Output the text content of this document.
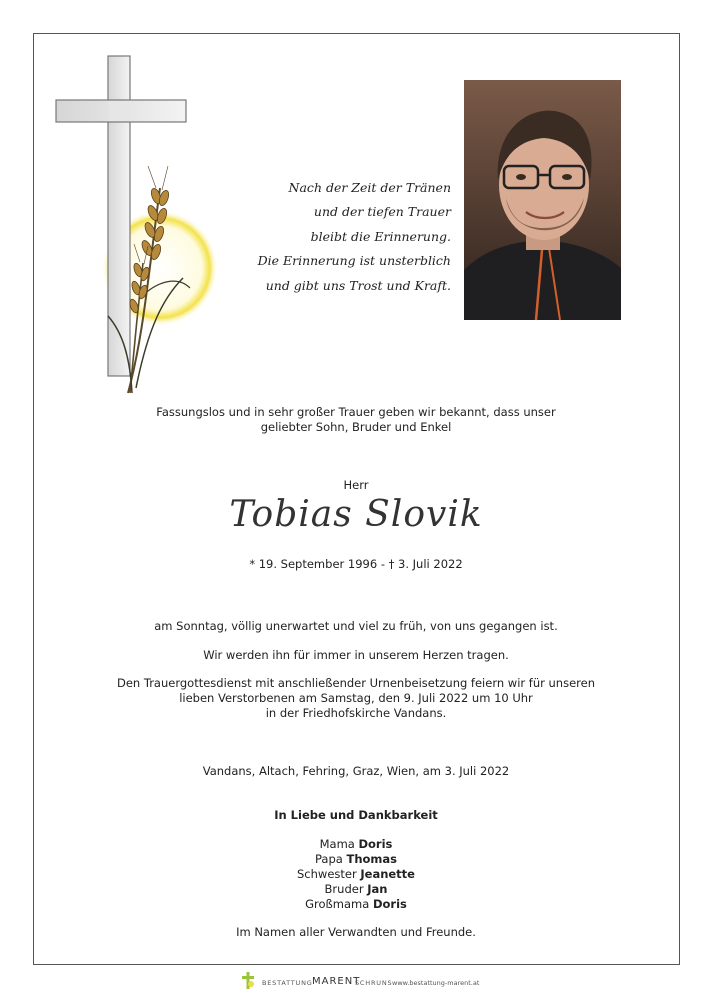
Nach der Zeit der Tränen
und der tiefen Trauer
bleibt die Erinnerung.
Die Erinnerung ist unsterblich
und gibt uns Trost und Kraft.
Fassungslos und in sehr großer Trauer geben wir bekannt, dass unser
geliebter Sohn, Bruder und Enkel
Herr
Tobias Slovik
* 19. September 1996 - † 3. Juli 2022
am Sonntag, völlig unerwartet und viel zu früh, von uns gegangen ist.
Wir werden ihn für immer in unserem Herzen tragen.
Den Trauergottesdienst mit anschließender Urnenbeisetzung feiern wir für unseren
lieben Verstorbenen am Samstag, den 9. Juli 2022 um 10 Uhr
in der Friedhofskirche Vandans.
Vandans, Altach, Fehring, Graz, Wien, am 3. Juli 2022
In Liebe und Dankbarkeit
Mama Doris
Papa Thomas
Schwester Jeanette
Bruder Jan
Großmama Doris
Im Namen aller Verwandten und Freunde.
BESTATTUNG MARENT
SCHRUNS www.bestattung-marent.at
